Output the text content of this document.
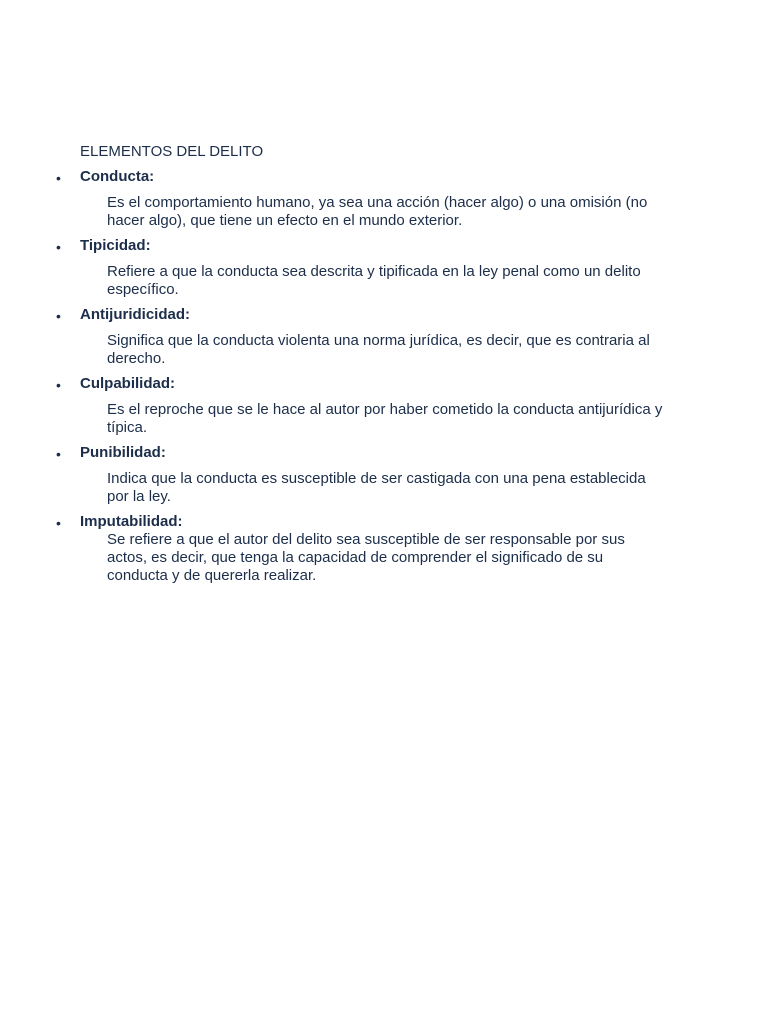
ELEMENTOS DEL DELITO
• Conducta:
Es el comportamiento humano, ya sea una acción (hacer algo) o una omisión (no hacer algo), que tiene un efecto en el mundo exterior.
• Tipicidad:
Refiere a que la conducta sea descrita y tipificada en la ley penal como un delito específico.
• Antijuridicidad:
Significa que la conducta violenta una norma jurídica, es decir, que es contraria al derecho.
• Culpabilidad:
Es el reproche que se le hace al autor por haber cometido la conducta antijurídica y típica.
• Punibilidad:
Indica que la conducta es susceptible de ser castigada con una pena establecida por la ley.
• Imputabilidad:
Se refiere a que el autor del delito sea susceptible de ser responsable por sus actos, es decir, que tenga la capacidad de comprender el significado de su conducta y de quererla realizar.
